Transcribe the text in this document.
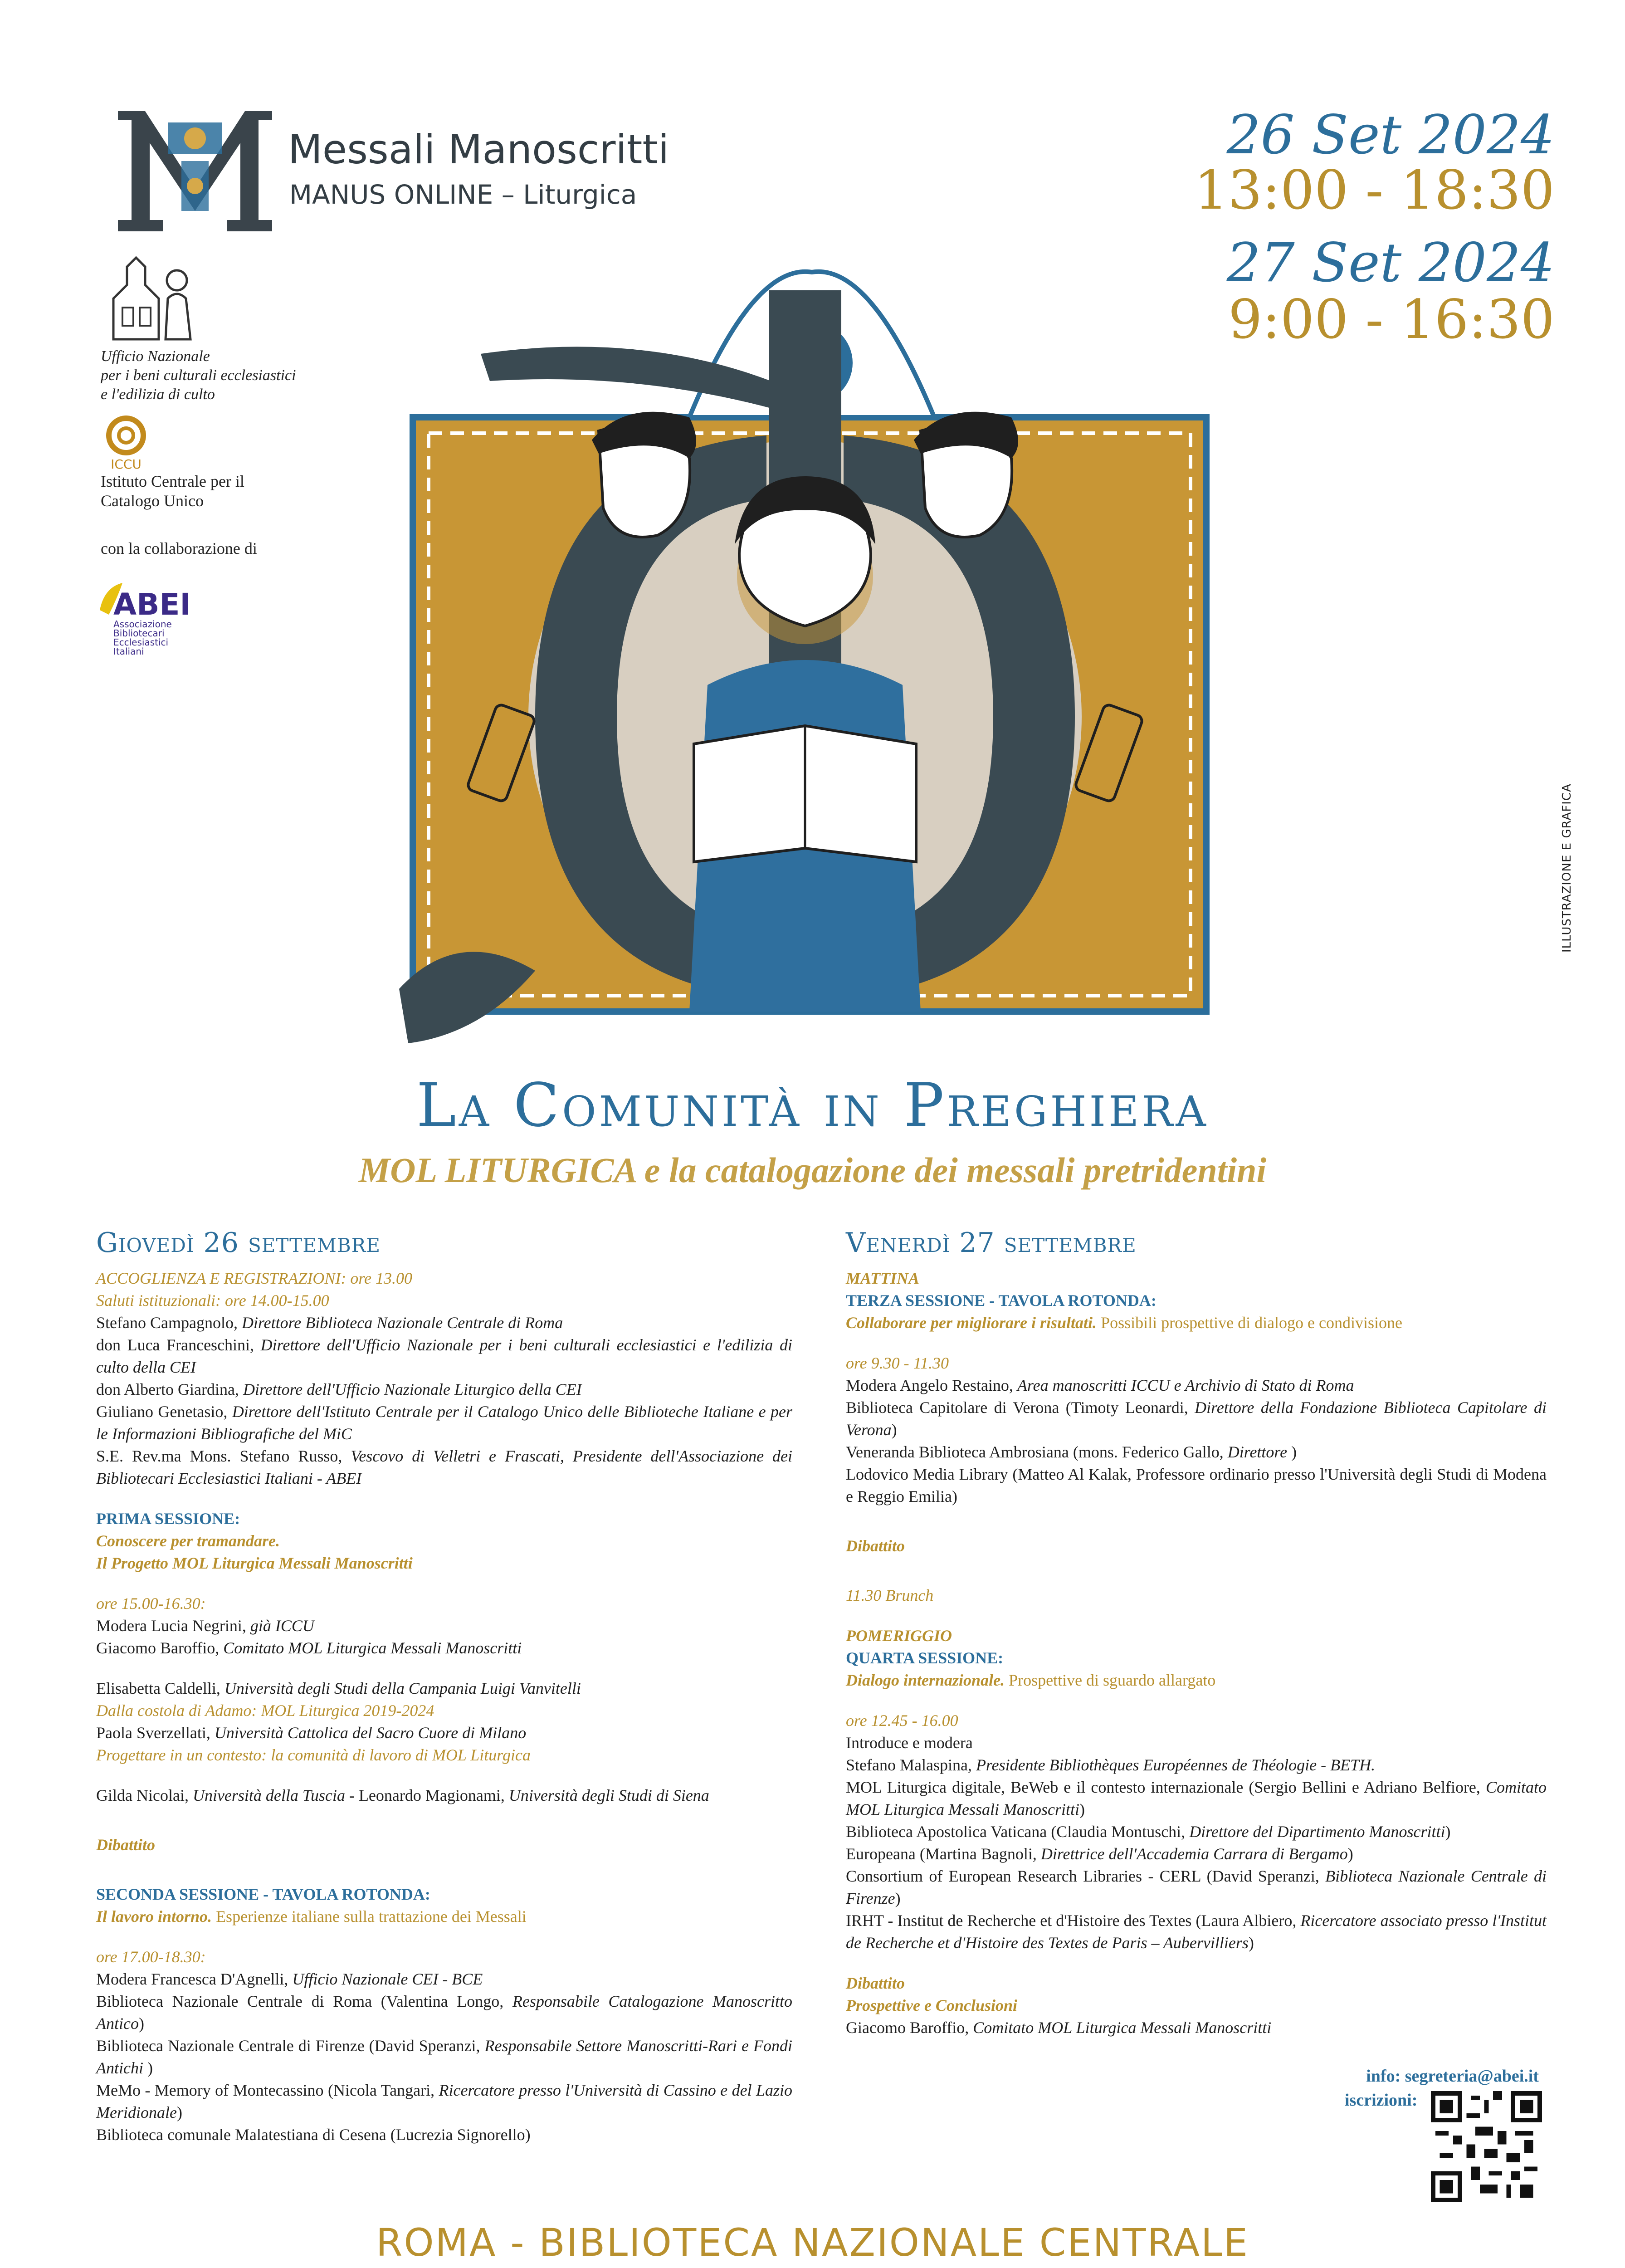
Messali Manoscritti
MANUS ONLINE – Liturgica
26 Set 2024
13:00 - 18:30
27 Set 2024
9:00 - 16:30
Ufficio Nazionale
per i beni culturali ecclesiastici
e l'edilizia di culto
ICCU
Istituto Centrale per il
Catalogo Unico
con la collaborazione di
ABEI
Associazione
Bibliotecari
Ecclesiastici
Italiani
ILLUSTRAZIONE E GRAFICA
La Comunità in Preghiera
MOL LITURGICA e la catalogazione dei messali pretridentini
Giovedì 26 settembre
ACCOGLIENZA E REGISTRAZIONI: ore 13.00
Saluti istituzionali: ore 14.00-15.00
Stefano Campagnolo, Direttore Biblioteca Nazionale Centrale di Roma
don Luca Franceschini, Direttore dell'Ufficio Nazionale per i beni culturali ecclesiastici e l'edilizia di culto della CEI
don Alberto Giardina, Direttore dell'Ufficio Nazionale Liturgico della CEI
Giuliano Genetasio, Direttore dell'Istituto Centrale per il Catalogo Unico delle Biblioteche Italiane e per le Informazioni Bibliografiche del MiC
S.E. Rev.ma Mons. Stefano Russo, Vescovo di Velletri e Frascati, Presidente dell'Associazione dei Bibliotecari Ecclesiastici Italiani - ABEI
PRIMA SESSIONE:
Conoscere per tramandare.
Il Progetto MOL Liturgica Messali Manoscritti
ore 15.00-16.30:
Modera Lucia Negrini, già ICCU
Giacomo Baroffio, Comitato MOL Liturgica Messali Manoscritti
Elisabetta Caldelli, Università degli Studi della Campania Luigi Vanvitelli
Dalla costola di Adamo: MOL Liturgica 2019-2024
Paola Sverzellati, Università Cattolica del Sacro Cuore di Milano
Progettare in un contesto: la comunità di lavoro di MOL Liturgica
Gilda Nicolai, Università della Tuscia - Leonardo Magionami, Università degli Studi di Siena
Dibattito
SECONDA SESSIONE - TAVOLA ROTONDA:
Il lavoro intorno. Esperienze italiane sulla trattazione dei Messali
ore 17.00-18.30:
Modera Francesca D'Agnelli, Ufficio Nazionale CEI - BCE
Biblioteca Nazionale Centrale di Roma (Valentina Longo, Responsabile Catalogazione Manoscritto Antico)
Biblioteca Nazionale Centrale di Firenze (David Speranzi, Responsabile Settore Manoscritti-Rari e Fondi Antichi )
MeMo - Memory of Montecassino (Nicola Tangari, Ricercatore presso l'Università di Cassino e del Lazio Meridionale)
Biblioteca comunale Malatestiana di Cesena (Lucrezia Signorello)
Venerdì 27 settembre
MATTINA
TERZA SESSIONE - TAVOLA ROTONDA:
Collaborare per migliorare i risultati. Possibili prospettive di dialogo e condivisione
ore 9.30 - 11.30
Modera Angelo Restaino, Area manoscritti ICCU e Archivio di Stato di Roma
Biblioteca Capitolare di Verona (Timoty Leonardi, Direttore della Fondazione Biblioteca Capitolare di Verona)
Veneranda Biblioteca Ambrosiana (mons. Federico Gallo, Direttore )
Lodovico Media Library (Matteo Al Kalak, Professore ordinario presso l'Università degli Studi di Modena e Reggio Emilia)
Dibattito
11.30 Brunch
POMERIGGIO
QUARTA SESSIONE:
Dialogo internazionale. Prospettive di sguardo allargato
ore 12.45 - 16.00
Introduce e modera
Stefano Malaspina, Presidente Bibliothèques Européennes de Théologie - BETH.
MOL Liturgica digitale, BeWeb e il contesto internazionale (Sergio Bellini e Adriano Belfiore, Comitato MOL Liturgica Messali Manoscritti)
Biblioteca Apostolica Vaticana (Claudia Montuschi, Direttore del Dipartimento Manoscritti)
Europeana (Martina Bagnoli, Direttrice dell'Accademia Carrara di Bergamo)
Consortium of European Research Libraries - CERL (David Speranzi, Biblioteca Nazionale Centrale di Firenze)
IRHT - Institut de Recherche et d'Histoire des Textes (Laura Albiero, Ricercatore associato presso l'Institut de Recherche et d'Histoire des Textes de Paris – Aubervilliers)
Dibattito
Prospettive e Conclusioni
Giacomo Baroffio, Comitato MOL Liturgica Messali Manoscritti
info: segreteria@abei.it
iscrizioni:
ROMA - BIBLIOTECA NAZIONALE CENTRALE
